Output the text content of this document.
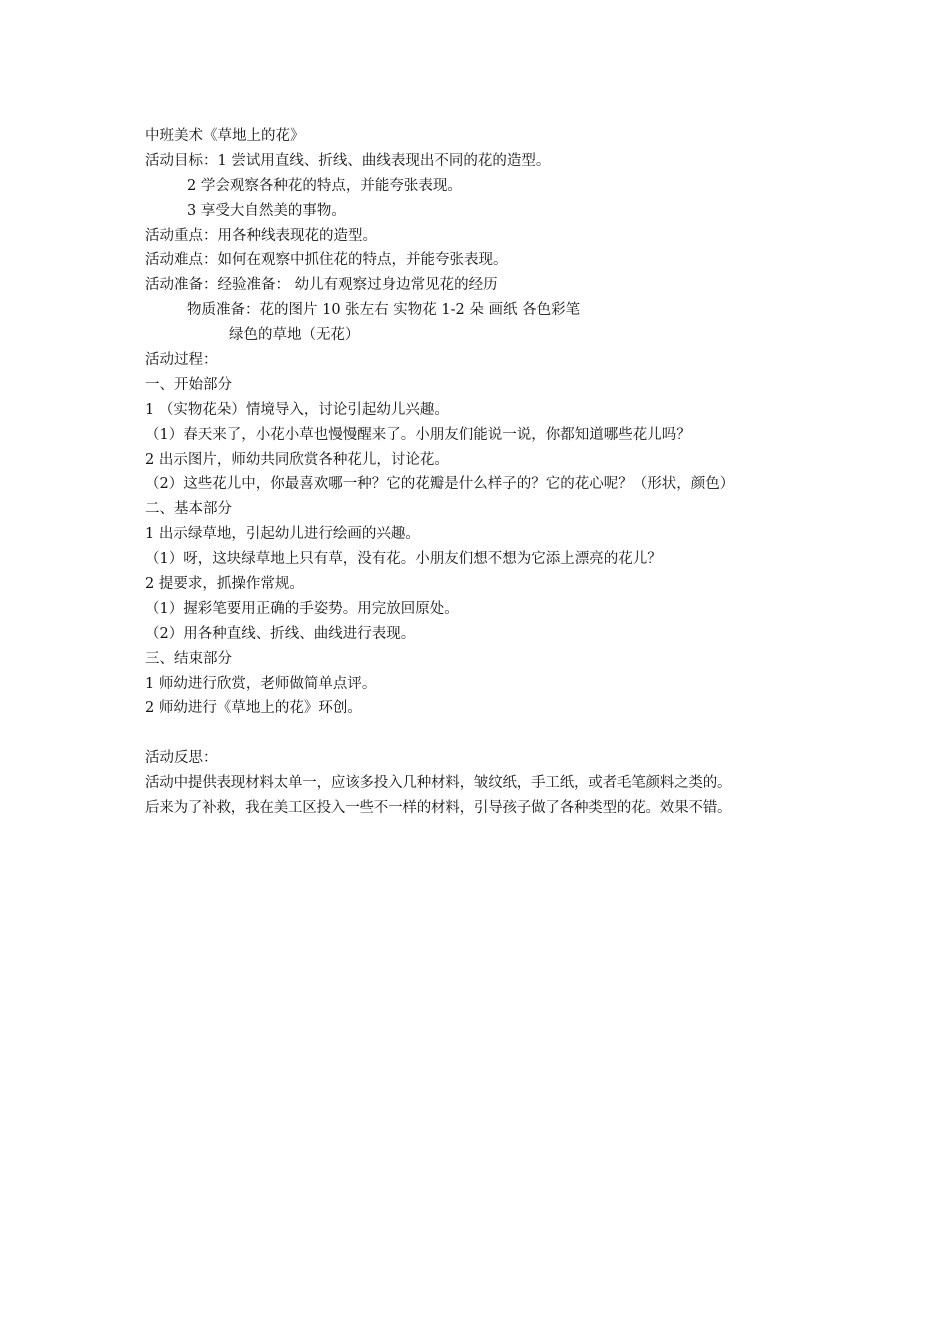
中班美术《草地上的花》
活动目标：1 尝试用直线、折线、曲线表现出不同的花的造型。
2 学会观察各种花的特点，并能夸张表现。
3 享受大自然美的事物。
活动重点：用各种线表现花的造型。
活动难点：如何在观察中抓住花的特点，并能夸张表现。
活动准备：经验准备： 幼儿有观察过身边常见花的经历
物质准备：花的图片 10 张左右 实物花 1-2 朵 画纸 各色彩笔
绿色的草地（无花）
活动过程：
一、开始部分
1 （实物花朵）情境导入，讨论引起幼儿兴趣。
（1）春天来了，小花小草也慢慢醒来了。小朋友们能说一说，你都知道哪些花儿吗？
2 出示图片，师幼共同欣赏各种花儿，讨论花。
（2）这些花儿中，你最喜欢哪一种？它的花瓣是什么样子的？它的花心呢？（形状，颜色）
二、基本部分
1 出示绿草地，引起幼儿进行绘画的兴趣。
（1）呀，这块绿草地上只有草，没有花。小朋友们想不想为它添上漂亮的花儿？
2 提要求，抓操作常规。
（1）握彩笔要用正确的手姿势。用完放回原处。
（2）用各种直线、折线、曲线进行表现。
三、结束部分
1 师幼进行欣赏，老师做简单点评。
2 师幼进行《草地上的花》环创。
活动反思：
活动中提供表现材料太单一，应该多投入几种材料，皱纹纸，手工纸，或者毛笔颜料之类的。
后来为了补救，我在美工区投入一些不一样的材料，引导孩子做了各种类型的花。效果不错。
